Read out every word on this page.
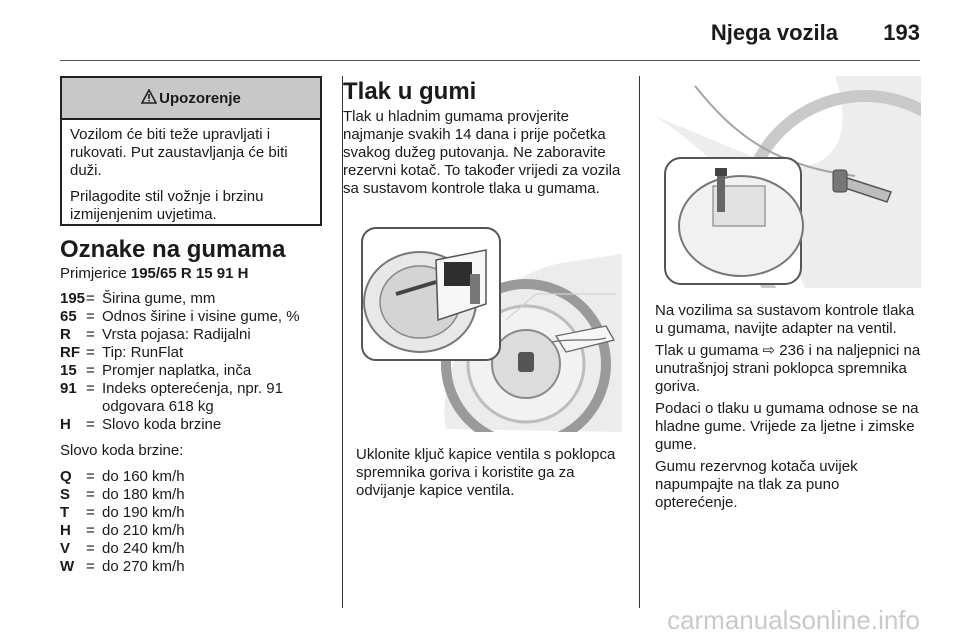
Njega vozila 193
Upozorenje

Vozilom će biti teže upravljati i rukovati. Put zaustavljanja će biti duži.

Prilagodite stil vožnje i brzinu izmijenjenim uvjetima.

Oznake na gumama
Primjerice 195/65 R 15 91 H
195 = Širina gume, mm
65 = Odnos širine i visine gume, %
R	= Vrsta pojasa: Radijalni
RF = Tip: RunFlat
15 = Promjer naplatka, inča
91 = Indeks opterećenja, npr. 91 odgovara 618 kg
H	= Slovo koda brzine
Slovo koda brzine:
Q = do 160 km/h
S	= do 180 km/h
T	= do 190 km/h
H	= do 210 km/h
V	= do 240 km/h
W = do 270 km/h
Tlak u gumi
Tlak u hladnim gumama provjerite najmanje svakih 14 dana i prije početka svakog dužeg putovanja. Ne zaboravite rezervni kotač. To također vrijedi za vozila sa sustavom kontrole tlaka u gumama.
Uklonite ključ kapice ventila s poklopca spremnika goriva i koristite ga za odvijanje kapice ventila.

Na vozilima sa sustavom kontrole tlaka u gumama, navijte adapter na ventil.

Tlak u gumama ⇨ 236 i na naljepnici na unutrašnjoj strani poklopca spremnika goriva.

Podaci o tlaku u gumama odnose se na hladne gume. Vrijede za ljetne i zimske gume.

Gumu rezervnog kotača uvijek napumpajte na tlak za puno opterećenje.

carmanualsonline.info
